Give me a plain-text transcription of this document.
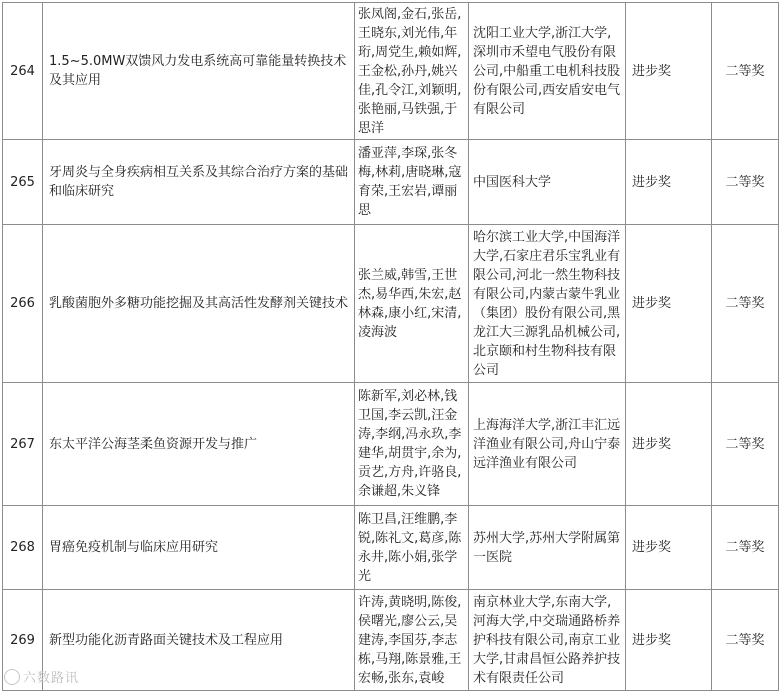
264	1.5~5.0MW双馈风力发电系统高可靠能量转换技术及其应用	张凤阁,金石,张岳,王晓东,刘光伟,年珩,周党生,赖如辉,王金松,孙丹,姚兴佳,孔令江,刘颖明,张艳丽,马铁强,于思洋	沈阳工业大学,浙江大学,深圳市禾望电气股份有限公司,中船重工电机科技股份有限公司,西安盾安电气有限公司	进步奖	二等奖
265	牙周炎与全身疾病相互关系及其综合治疗方案的基础和临床研究	潘亚萍,李琛,张冬梅,林莉,唐晓琳,寇育荣,王宏岩,谭丽思	中国医科大学	进步奖	二等奖
266	乳酸菌胞外多糖功能挖掘及其高活性发酵剂关键技术	张兰威,韩雪,王世杰,易华西,朱宏,赵林森,康小红,宋清,凌海波	哈尔滨工业大学,中国海洋大学,石家庄君乐宝乳业有限公司,河北一然生物科技有限公司,内蒙古蒙牛乳业（集团）股份有限公司,黑龙江大三源乳品机械公司,北京颐和村生物科技有限公司	进步奖	二等奖
267	东太平洋公海茎柔鱼资源开发与推广	陈新军,刘必林,钱卫国,李云凯,汪金涛,李纲,冯永玖,李建华,胡贯宇,余为,贡艺,方舟,许骆良,余谦超,朱义锋	上海海洋大学,浙江丰汇远洋渔业有限公司,舟山宁泰远洋渔业有限公司	进步奖	二等奖
268	胃癌免疫机制与临床应用研究	陈卫昌,汪维鹏,李锐,陈礼文,葛彦,陈永井,陈小娟,张学光	苏州大学,苏州大学附属第一医院	进步奖	二等奖
269	新型功能化沥青路面关键技术及工程应用	许涛,黄晓明,陈俊,侯曙光,廖公云,吴建涛,李国芬,李志栋,马翔,陈景雅,王宏畅,张东,袁峻	南京林业大学,东南大学,河海大学,中交瑞通路桥养护科技有限公司,南京工业大学,甘肃昌恒公路养护技术有限责任公司	进步奖	二等奖
六数路讯
